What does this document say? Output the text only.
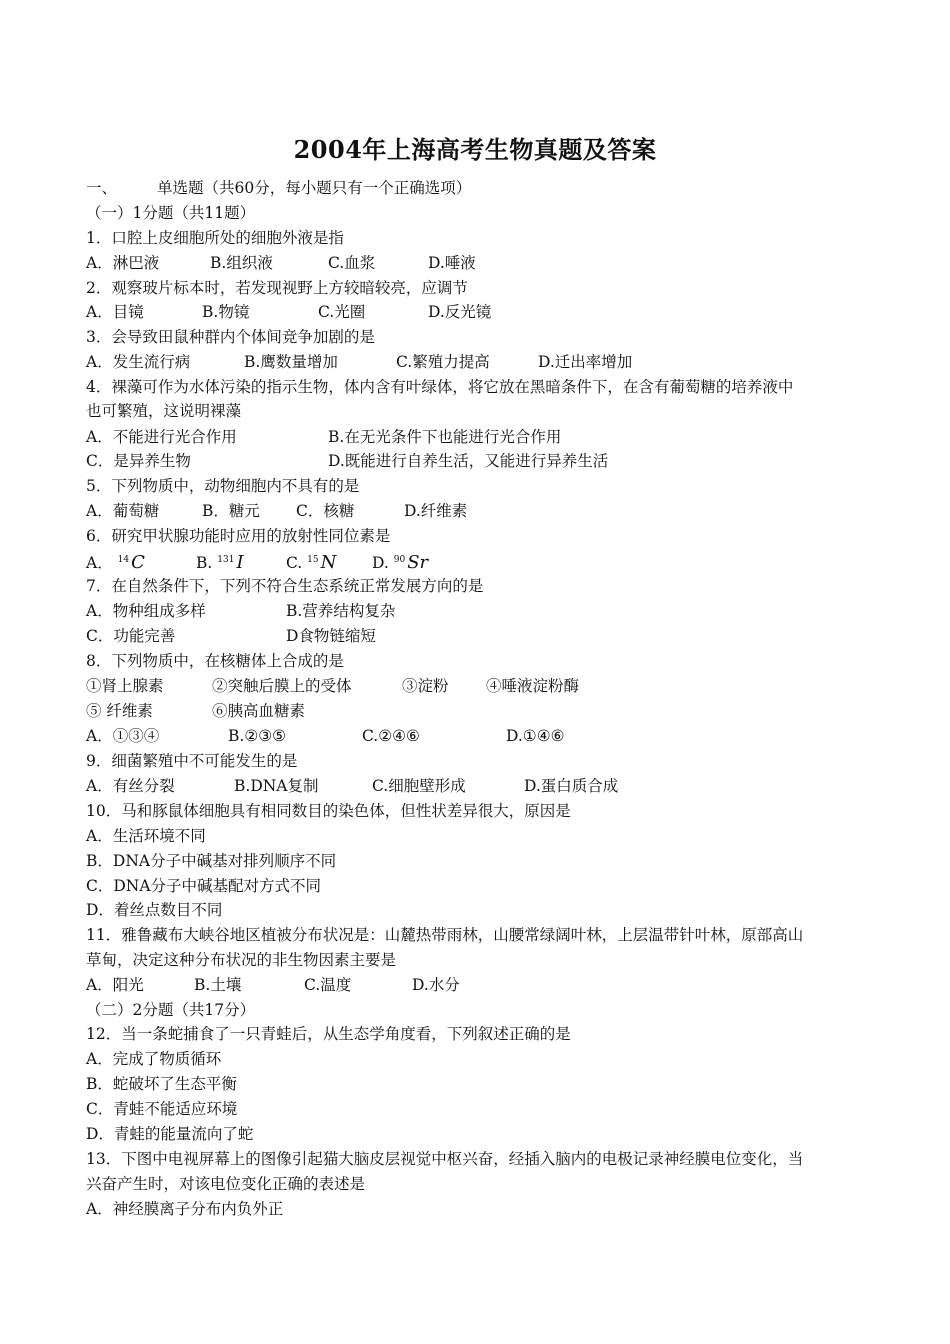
2004年上海高考生物真题及答案
一、	单选题（共60分，每小题只有一个正确选项）
（一）1分题（共11题）
1．口腔上皮细胞所处的细胞外液是指
A．淋巴液	B.组织液	C.血浆	D.唾液
2．观察玻片标本时，若发现视野上方较暗较亮，应调节
A．目镜	B.物镜	C.光圈	D.反光镜
3．会导致田鼠种群内个体间竞争加剧的是
A．发生流行病	B.鹰数量增加	C.繁殖力提高	D.迁出率增加
4．裸藻可作为水体污染的指示生物，体内含有叶绿体，将它放在黑暗条件下，在含有葡萄糖的培养液中
也可繁殖，这说明裸藻
A．不能进行光合作用	B.在无光条件下也能进行光合作用
C．是异养生物	D.既能进行自养生活，又能进行异养生活
5．下列物质中，动物细胞内不具有的是
A．葡萄糖	B．糖元 C．核糖	D.纤维素
6．研究甲状腺功能时应用的放射性同位素是
A． $^{14}$ C	B. $^{131}$ I	C. $^{15}$ N D. $^{90}$ Sr
7．在自然条件下，下列不符合生态系统正常发展方向的是
A．物种组成多样	B.营养结构复杂
C．功能完善	D食物链缩短
8．下列物质中，在核糖体上合成的是
①肾上腺素	②突触后膜上的受体	③淀粉 ④唾液淀粉酶
⑤ 纤维素	⑥胰高血糖素
A．①③④	B.②③⑤	C.②④⑥	D.①④⑥
9．细菌繁殖中不可能发生的是
A．有丝分裂	B.DNA复制	C.细胞壁形成	D.蛋白质合成
10．马和豚鼠体细胞具有相同数目的染色体，但性状差异很大，原因是
A．生活环境不同
B．DNA分子中碱基对排列顺序不同
C．DNA分子中碱基配对方式不同
D．着丝点数目不同
11．雅鲁藏布大峡谷地区植被分布状况是：山麓热带雨林，山腰常绿阔叶林，上层温带针叶林，原部高山
草甸，决定这种分布状况的非生物因素主要是
A．阳光	B.土壤	C.温度	D.水分
（二）2分题（共17分）
12．当一条蛇捕食了一只青蛙后，从生态学角度看，下列叙述正确的是
A．完成了物质循环
B．蛇破坏了生态平衡
C．青蛙不能适应环境
D．青蛙的能量流向了蛇
13．下图中电视屏幕上的图像引起猫大脑皮层视觉中枢兴奋，经插入脑内的电极记录神经膜电位变化，当
兴奋产生时，对该电位变化正确的表述是
A．神经膜离子分布内负外正
